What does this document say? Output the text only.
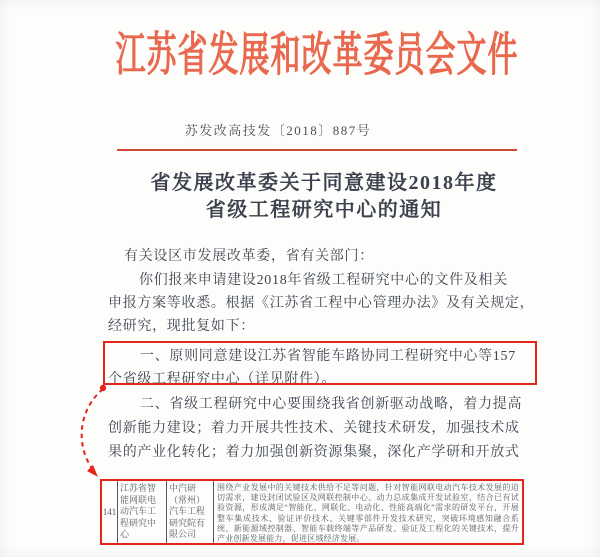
江苏省发展和改革委员会文件
苏发改高技发〔2018〕887号
省发展改革委关于同意建设2018年度
省级工程研究中心的通知
有关设区市发展改革委，省有关部门：
你们报来申请建设2018年省级工程研究中心的文件及相关
申报方案等收悉。根据《江苏省工程中心管理办法》及有关规定，
经研究，现批复如下：
一、原则同意建设江苏省智能车路协同工程研究中心等157
个省级工程研究中心（详见附件）。
二、省级工程研究中心要围绕我省创新驱动战略，着力提高
创新能力建设；着力开展共性技术、关键技术研发，加强技术成
果的产业化转化；着力加强创新资源集聚，深化产学研和开放式
141
江苏省智能网联电动汽车工程研究中心
中汽研（常州）汽车工程研究院有限公司
围绕产业发展中的关键技术供给不足等问题，针对智能网联电动汽车技术发展的迫切需求，建设封闭试验区及网联控制中心、动力总成集成开发试验室，结合已有试验资源，形成满足“智能化、网联化、电动化、性能高端化”需求的研发平台，开展整车集成技术、验证评价技术、关键零部件开发技术研究，突破环境感知融合系统、新能源域控制器、智能车载终端等产品研发、验证及工程化的关键技术，提升产业创新发展能力，促进区域经济发展。
